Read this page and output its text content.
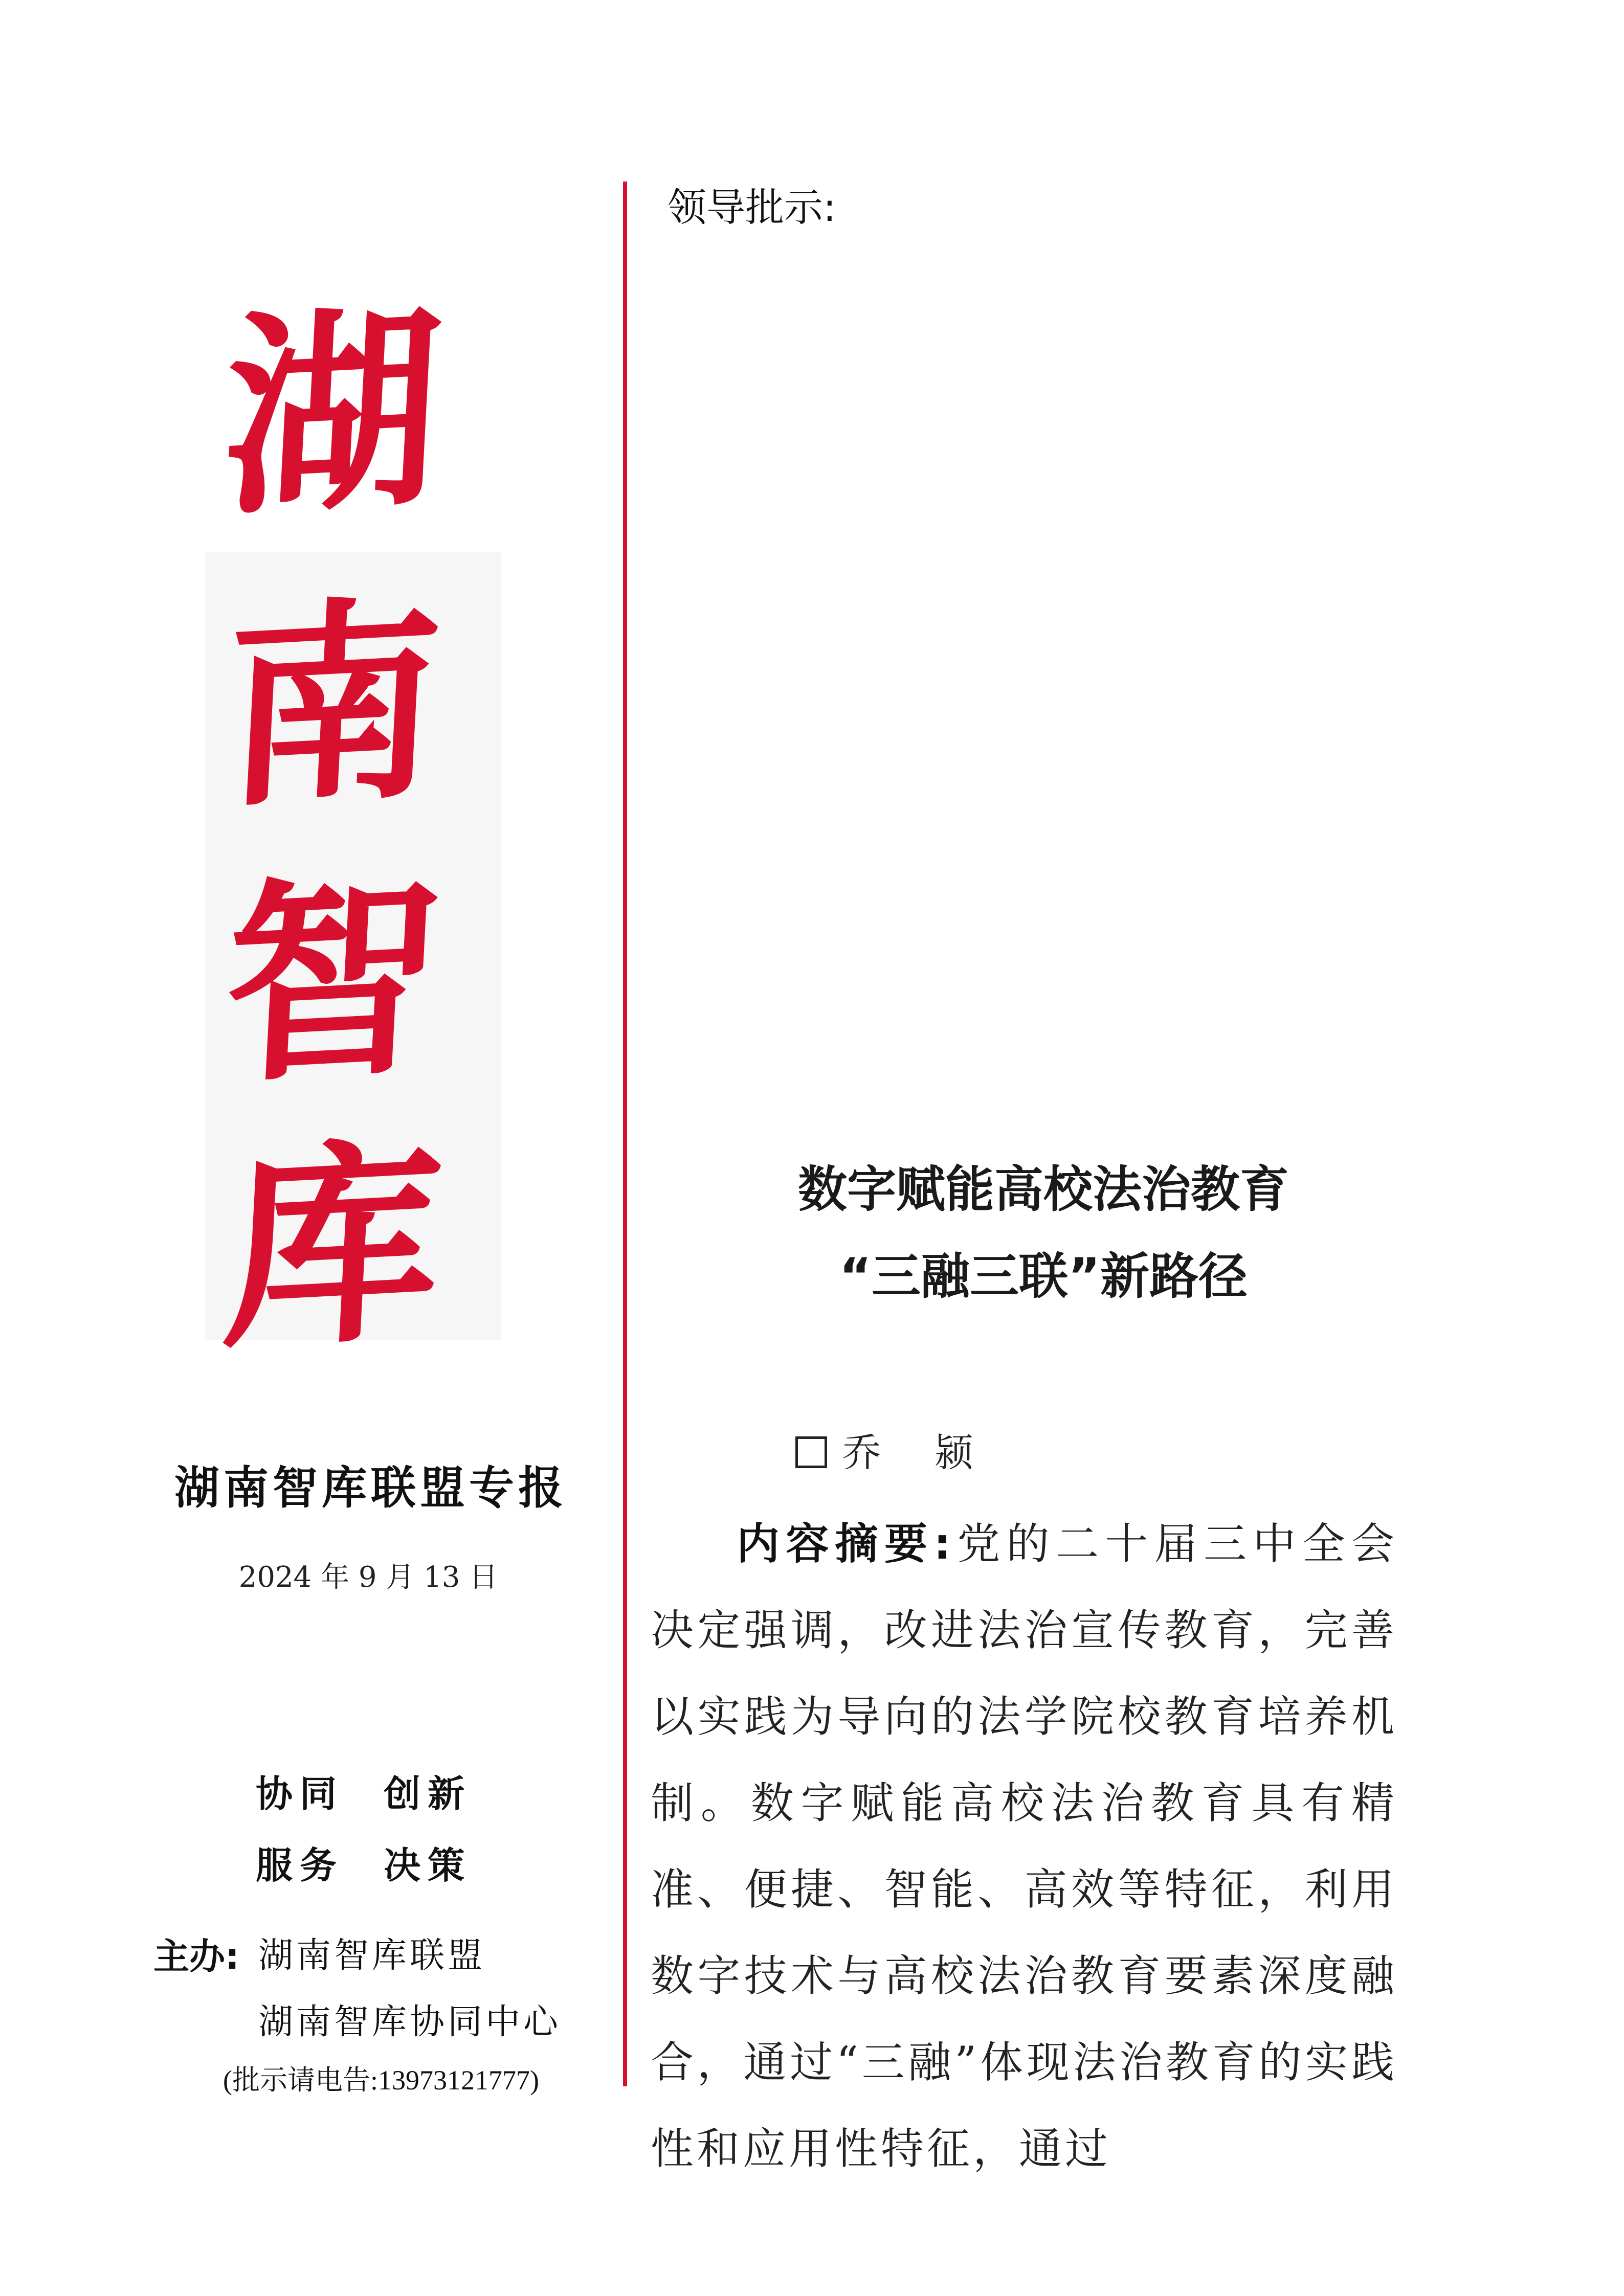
湖
南
智
库
湖南智库联盟专报
2024 年 9 月 13 日
协同  创新
服务  决策
主办: 湖南智库联盟
湖南智库协同中心
(批示请电告:13973121777)
领导批示:
数字赋能高校法治教育
“三融三联”新路径
乔 颍
内容摘要:党的二十届三中全会决定强调，改进法治宣传教育，完善以实践为导向的法学院校教育培养机制。数字赋能高校法治教育具有精准、便捷、智能、高效等特征，利用数字技术与高校法治教育要素深度融合，通过“三融”体现法治教育的实践性和应用性特征，通过
